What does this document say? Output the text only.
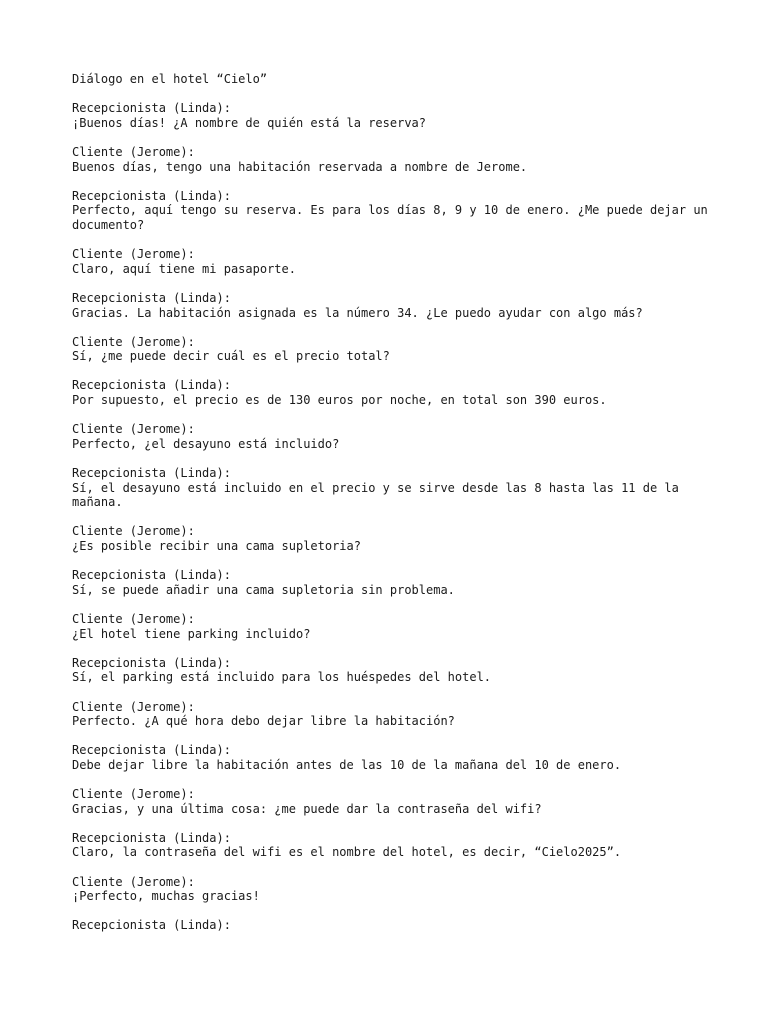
Diálogo en el hotel “Cielo”
Recepcionista (Linda):
¡Buenos días! ¿A nombre de quién está la reserva?
Cliente (Jerome):
Buenos días, tengo una habitación reservada a nombre de Jerome.
Recepcionista (Linda):
Perfecto, aquí tengo su reserva. Es para los días 8, 9 y 10 de enero. ¿Me puede dejar un documento?
Cliente (Jerome):
Claro, aquí tiene mi pasaporte.
Recepcionista (Linda):
Gracias. La habitación asignada es la número 34. ¿Le puedo ayudar con algo más?
Cliente (Jerome):
Sí, ¿me puede decir cuál es el precio total?
Recepcionista (Linda):
Por supuesto, el precio es de 130 euros por noche, en total son 390 euros.
Cliente (Jerome):
Perfecto, ¿el desayuno está incluido?
Recepcionista (Linda):
Sí, el desayuno está incluido en el precio y se sirve desde las 8 hasta las 11 de la mañana.
Cliente (Jerome):
¿Es posible recibir una cama supletoria?
Recepcionista (Linda):
Sí, se puede añadir una cama supletoria sin problema.
Cliente (Jerome):
¿El hotel tiene parking incluido?
Recepcionista (Linda):
Sí, el parking está incluido para los huéspedes del hotel.
Cliente (Jerome):
Perfecto. ¿A qué hora debo dejar libre la habitación?
Recepcionista (Linda):
Debe dejar libre la habitación antes de las 10 de la mañana del 10 de enero.
Cliente (Jerome):
Gracias, y una última cosa: ¿me puede dar la contraseña del wifi?
Recepcionista (Linda):
Claro, la contraseña del wifi es el nombre del hotel, es decir, “Cielo2025”.
Cliente (Jerome):
¡Perfecto, muchas gracias!
Recepcionista (Linda):
